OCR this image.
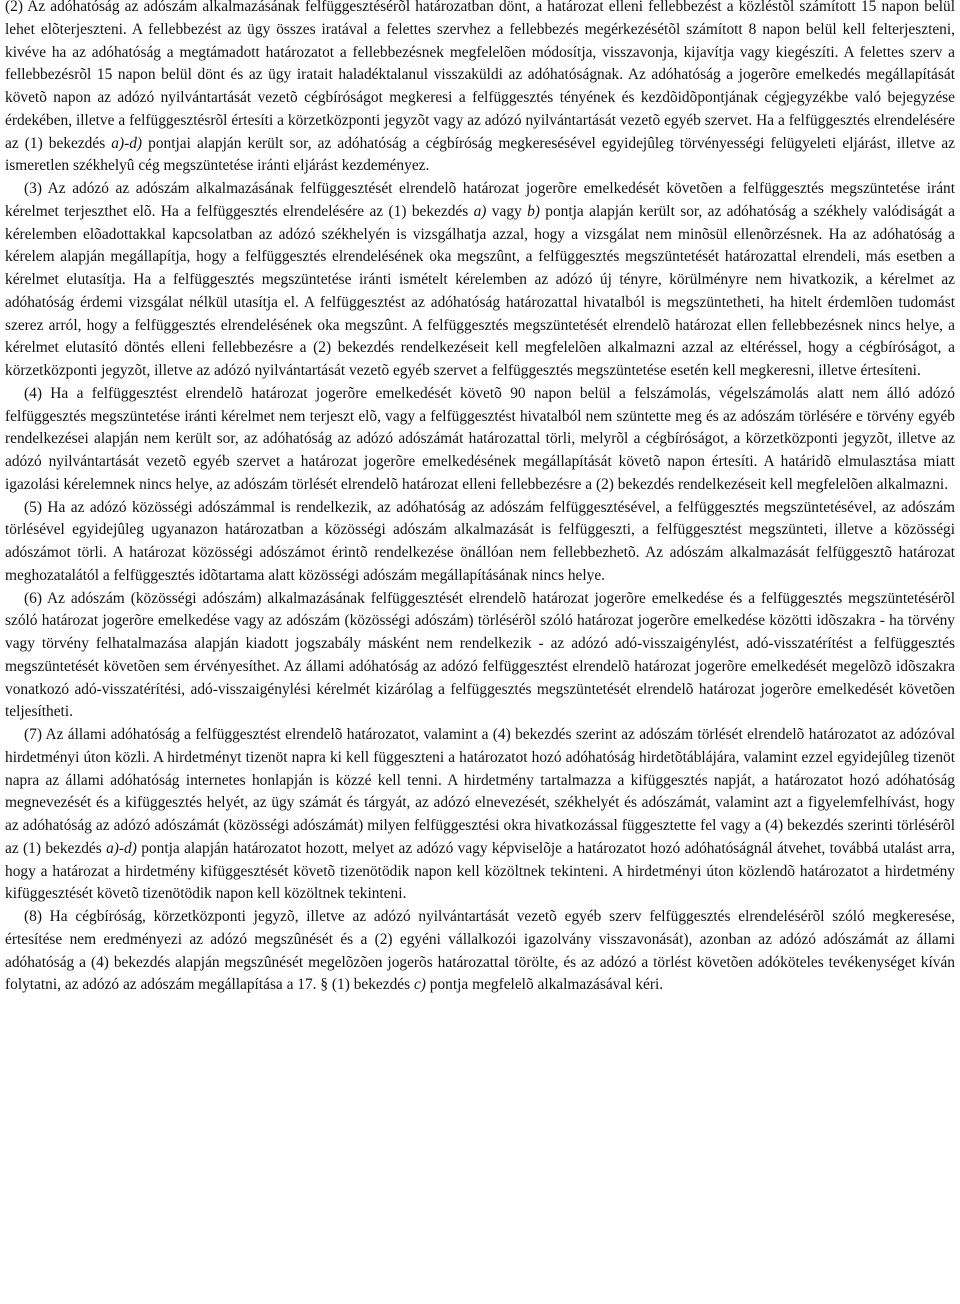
(2) Az adóhatóság az adószám alkalmazásának felfüggesztésérõl határozatban dönt, a határozat elleni fellebbezést a közléstõl számított 15 napon belül lehet elõterjeszteni. A fellebbezést az ügy összes iratával a felettes szervhez a fellebbezés megérkezésétõl számított 8 napon belül kell felterjeszteni, kivéve ha az adóhatóság a megtámadott határozatot a fellebbezésnek megfelelõen módosítja, visszavonja, kijavítja vagy kiegészíti. A felettes szerv a fellebbezésrõl 15 napon belül dönt és az ügy iratait haladéktalanul visszaküldi az adóhatóságnak. Az adóhatóság a jogerõre emelkedés megállapítását követõ napon az adózó nyilvántartását vezetõ cégbíróságot megkeresi a felfüggesztés tényének és kezdõidõpontjának cégjegyzékbe való bejegyzése érdekében, illetve a felfüggesztésrõl értesíti a körzetközponti jegyzõt vagy az adózó nyilvántartását vezetõ egyéb szervet. Ha a felfüggesztés elrendelésére az (1) bekezdés a)-d) pontjai alapján került sor, az adóhatóság a cégbíróság megkeresésével egyidejûleg törvényességi felügyeleti eljárást, illetve az ismeretlen székhelyû cég megszüntetése iránti eljárást kezdeményez.

(3) Az adózó az adószám alkalmazásának felfüggesztését elrendelõ határozat jogerõre emelkedését követõen a felfüggesztés megszüntetése iránt kérelmet terjeszthet elõ. Ha a felfüggesztés elrendelésére az (1) bekezdés a) vagy b) pontja alapján került sor, az adóhatóság a székhely valódiságát a kérelemben elõadottakkal kapcsolatban az adózó székhelyén is vizsgálhatja azzal, hogy a vizsgálat nem minõsül ellenõrzésnek. Ha az adóhatóság a kérelem alapján megállapítja, hogy a felfüggesztés elrendelésének oka megszûnt, a felfüggesztés megszüntetését határozattal elrendeli, más esetben a kérelmet elutasítja. Ha a felfüggesztés megszüntetése iránti ismételt kérelemben az adózó új tényre, körülményre nem hivatkozik, a kérelmet az adóhatóság érdemi vizsgálat nélkül utasítja el. A felfüggesztést az adóhatóság határozattal hivatalból is megszüntetheti, ha hitelt érdemlõen tudomást szerez arról, hogy a felfüggesztés elrendelésének oka megszûnt. A felfüggesztés megszüntetését elrendelõ határozat ellen fellebbezésnek nincs helye, a kérelmet elutasító döntés elleni fellebbezésre a (2) bekezdés rendelkezéseit kell megfelelõen alkalmazni azzal az eltéréssel, hogy a cégbíróságot, a körzetközponti jegyzõt, illetve az adózó nyilvántartását vezetõ egyéb szervet a felfüggesztés megszüntetése esetén kell megkeresni, illetve értesíteni.

(4) Ha a felfüggesztést elrendelõ határozat jogerõre emelkedését követõ 90 napon belül a felszámolás, végelszámolás alatt nem álló adózó felfüggesztés megszüntetése iránti kérelmet nem terjeszt elõ, vagy a felfüggesztést hivatalból nem szüntette meg és az adószám törlésére e törvény egyéb rendelkezései alapján nem került sor, az adóhatóság az adózó adószámát határozattal törli, melyrõl a cégbíróságot, a körzetközponti jegyzõt, illetve az adózó nyilvántartását vezetõ egyéb szervet a határozat jogerõre emelkedésének megállapítását követõ napon értesíti. A határidõ elmulasztása miatt igazolási kérelemnek nincs helye, az adószám törlését elrendelõ határozat elleni fellebbezésre a (2) bekezdés rendelkezéseit kell megfelelõen alkalmazni.

(5) Ha az adózó közösségi adószámmal is rendelkezik, az adóhatóság az adószám felfüggesztésével, a felfüggesztés megszüntetésével, az adószám törlésével egyidejûleg ugyanazon határozatban a közösségi adószám alkalmazását is felfüggeszti, a felfüggesztést megszünteti, illetve a közösségi adószámot törli. A határozat közösségi adószámot érintõ rendelkezése önállóan nem fellebbezhetõ. Az adószám alkalmazását felfüggesztõ határozat meghozatalától a felfüggesztés idõtartama alatt közösségi adószám megállapításának nincs helye.

(6) Az adószám (közösségi adószám) alkalmazásának felfüggesztését elrendelõ határozat jogerõre emelkedése és a felfüggesztés megszüntetésérõl szóló határozat jogerõre emelkedése vagy az adószám (közösségi adószám) törlésérõl szóló határozat jogerõre emelkedése közötti idõszakra - ha törvény vagy törvény felhatalmazása alapján kiadott jogszabály másként nem rendelkezik - az adózó adó-visszaigénylést, adó-visszatérítést a felfüggesztés megszüntetését követõen sem érvényesíthet. Az állami adóhatóság az adózó felfüggesztést elrendelõ határozat jogerõre emelkedését megelõzõ idõszakra vonatkozó adó-visszatérítési, adó-visszaigénylési kérelmét kizárólag a felfüggesztés megszüntetését elrendelõ határozat jogerõre emelkedését követõen teljesítheti.

(7) Az állami adóhatóság a felfüggesztést elrendelõ határozatot, valamint a (4) bekezdés szerint az adószám törlését elrendelõ határozatot az adózóval hirdetményi úton közli. A hirdetményt tizenöt napra ki kell függeszteni a határozatot hozó adóhatóság hirdetõtáblájára, valamint ezzel egyidejûleg tizenöt napra az állami adóhatóság internetes honlapján is közzé kell tenni. A hirdetmény tartalmazza a kifüggesztés napját, a határozatot hozó adóhatóság megnevezését és a kifüggesztés helyét, az ügy számát és tárgyát, az adózó elnevezését, székhelyét és adószámát, valamint azt a figyelemfelhívást, hogy az adóhatóság az adózó adószámát (közösségi adószámát) milyen felfüggesztési okra hivatkozással függesztette fel vagy a (4) bekezdés szerinti törlésérõl az (1) bekezdés a)-d) pontja alapján határozatot hozott, melyet az adózó vagy képviselõje a határozatot hozó adóhatóságnál átvehet, továbbá utalást arra, hogy a határozat a hirdetmény kifüggesztését követõ tizenötödik napon kell közöltnek tekinteni. A hirdetményi úton közlendõ határozatot a hirdetmény kifüggesztését követõ tizenötödik napon kell közöltnek tekinteni.

(8) Ha cégbíróság, körzetközponti jegyzõ, illetve az adózó nyilvántartását vezetõ egyéb szerv felfüggesztés elrendelésérõl szóló megkeresése, értesítése nem eredményezi az adózó megszûnését és a (2) egyéni vállalkozói igazolvány visszavonását), azonban az adózó adószámát az állami adóhatóság a (4) bekezdés alapján megszûnését megelõzõen jogerõs határozattal törölte, és az adózó a törlést követõen adóköteles tevékenységet kíván folytatni, az adózó az adószám megállapítása a 17. § (1) bekezdés c) pontja megfelelõ alkalmazásával kéri.
